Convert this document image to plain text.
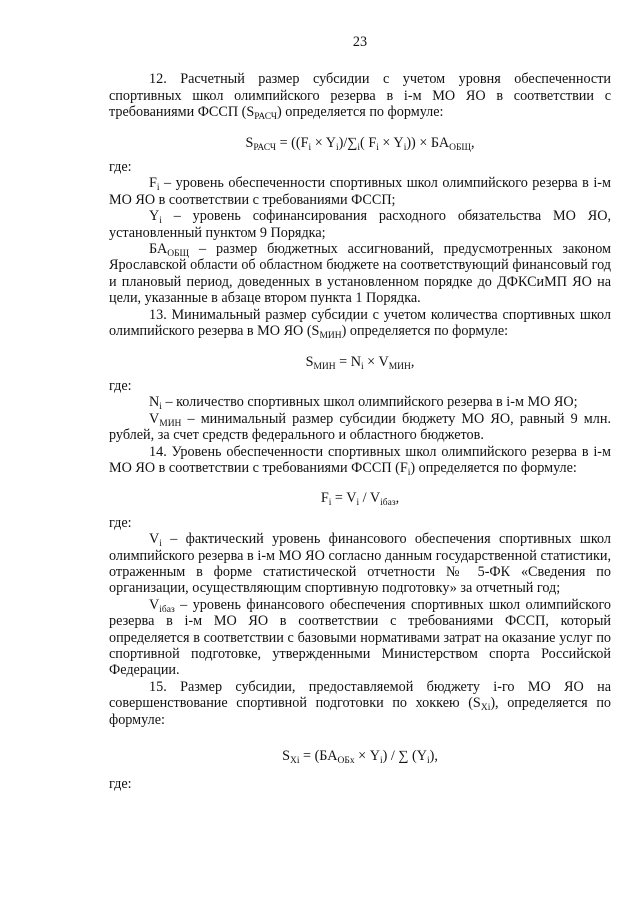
23

12. Расчетный размер субсидии с учетом уровня обеспеченности спортивных школ олимпийского резерва в i-м МО ЯО в соответствии с требованиями ФССП $(S_{РАСЧ})$ определяется по формуле:

$S_{РАСЧ} = ((F_i \times Y_i)/\sum_i$( $F_i \times Y_i)) \times БА_{ОБЩ}$,

где:

$F_i$ – уровень обеспеченности спортивных школ олимпийского резерва в i-м МО ЯО в соответствии с требованиями ФССП;

$Y_i$ – уровень софинансирования расходного обязательства МО ЯО, установленный пунктом 9 Порядка;

$БА_{ОБЩ}$ – размер бюджетных ассигнований, предусмотренных законом Ярославской области об областном бюджете на соответствующий финансовый год и плановый период, доведенных в установленном порядке до ДФКСиМП ЯО на цели, указанные в абзаце втором пункта 1 Порядка.

13. Минимальный размер субсидии с учетом количества спортивных школ олимпийского резерва в МО ЯО $(S_{МИН})$ определяется по формуле:

$S_{МИН} = N_i \times V_{МИН}$,

где:

$N_i$ – количество спортивных школ олимпийского резерва в i-м МО ЯО;

$V_{МИН}$ – минимальный размер субсидии бюджету МО ЯО, равный 9 млн. рублей, за счет средств федерального и областного бюджетов.

14. Уровень обеспеченности спортивных школ олимпийского резерва в i-м МО ЯО в соответствии с требованиями ФССП $(F_i)$ определяется по формуле:

$F_i = V_i / V_{iбаз}$,

где:

$V_i$ – фактический уровень финансового обеспечения спортивных школ олимпийского резерва в i-м МО ЯО согласно данным государственной статистики, отраженным в форме статистической отчетности № 5-ФК «Сведения по организации, осуществляющим спортивную подготовку» за отчетный год;

$V_{iбаз}$ – уровень финансового обеспечения спортивных школ олимпийского резерва в i-м МО ЯО в соответствии с требованиями ФССП, который определяется в соответствии с базовыми нормативами затрат на оказание услуг по спортивной подготовке, утвержденными Министерством спорта Российской Федерации.

15. Размер субсидии, предоставляемой бюджету i-го МО ЯО на совершенствование спортивной подготовки по хоккею $(S_{Xi})$, определяется по формуле:

$S_{Xi} = (БА_{ОБх} \times Y_i)$ / ∑ $(Y_i)$,

где:
